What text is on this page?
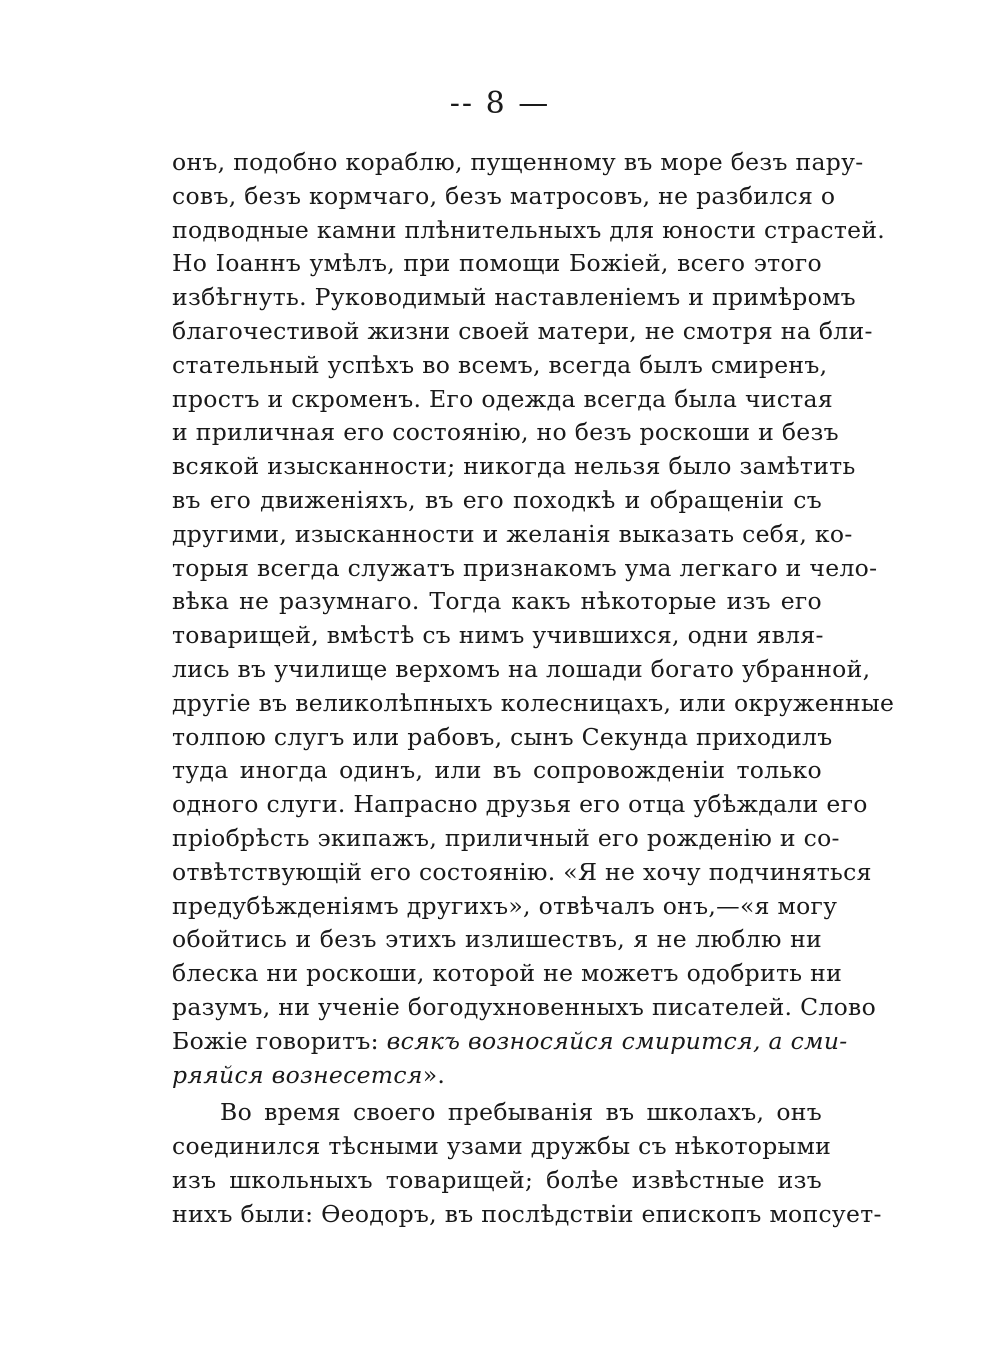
-- 8 —
онъ, подобно кораблю, пущенному въ море безъ пару-
совъ, безъ кормчаго, безъ матросовъ, не разбился о
подводные камни плѣнительныхъ для юности страстей.
Но Іоаннъ умѣлъ, при помощи Божіей, всего этого
избѣгнуть. Руководимый наставленіемъ и примѣромъ
благочестивой жизни своей матери, не смотря на бли-
стательный успѣхъ во всемъ, всегда былъ смиренъ,
простъ и скроменъ. Его одежда всегда была чистая
и приличная его состоянію, но безъ роскоши и безъ
всякой изысканности; никогда нельзя было замѣтить
въ его движеніяхъ, въ его походкѣ и обращеніи съ
другими, изысканности и желанія выказать себя, ко-
торыя всегда служатъ признакомъ ума легкаго и чело-
вѣка не разумнаго. Тогда какъ нѣкоторые изъ его
товарищей, вмѣстѣ съ нимъ учившихся, одни явля-
лись въ училище верхомъ на лошади богато убранной,
другіе въ великолѣпныхъ колесницахъ, или окруженные
толпою слугъ или рабовъ, сынъ Секунда приходилъ
туда иногда одинъ, или въ сопровожденіи только
одного слуги. Напрасно друзья его отца убѣждали его
пріобрѣсть экипажъ, приличный его рожденію и со-
отвѣтствующій его состоянію. «Я не хочу подчиняться
предубѣжденіямъ другихъ», отвѣчалъ онъ,—«я могу
обойтись и безъ этихъ излишествъ, я не люблю ни
блеска ни роскоши, которой не можетъ одобрить ни
разумъ, ни ученіе богодухновенныхъ писателей. Слово
Божіе говоритъ: всякъ возносяйся смирится, а сми-
ряяйся вознесется».
Во время своего пребыванія въ школахъ, онъ
соединился тѣсными узами дружбы съ нѣкоторыми
изъ школьныхъ товарищей; болѣе извѣстные изъ
нихъ были: Ѳеодоръ, въ послѣдствіи епископъ мопсует-
